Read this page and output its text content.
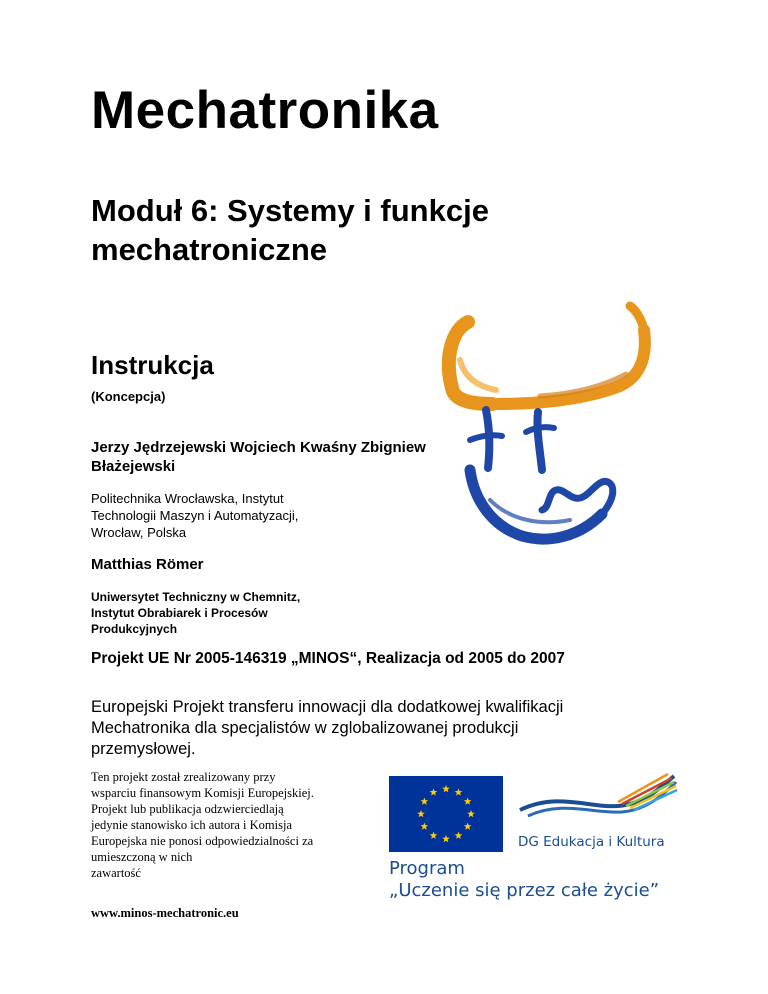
Mechatronika
Moduł 6: Systemy i funkcje mechatroniczne
Instrukcja
(Koncepcja)
Jerzy Jędrzejewski Wojciech Kwaśny Zbigniew
Błażejewski
Politechnika Wrocławska, Instytut
Technologii Maszyn i Automatyzacji,
Wrocław, Polska
Matthias Römer
Uniwersytet Techniczny w Chemnitz,
Instytut Obrabiarek i Procesów
Produkcyjnych
Projekt UE Nr 2005-146319 „MINOS“, Realizacja od 2005 do 2007
Europejski Projekt transferu innowacji dla dodatkowej kwalifikacji
Mechatronika dla specjalistów w zglobalizowanej produkcji
przemysłowej.
Ten projekt został zrealizowany przy
wsparciu finansowym Komisji Europejskiej.
Projekt lub publikacja odzwierciedlają
jedynie stanowisko ich autora i Komisja
Europejska nie ponosi odpowiedzialności za
umieszczoną w nich
zawartość
www.minos-mechatronic.eu
DG Edukacja i Kultura
Program
„Uczenie się przez całe życie”
